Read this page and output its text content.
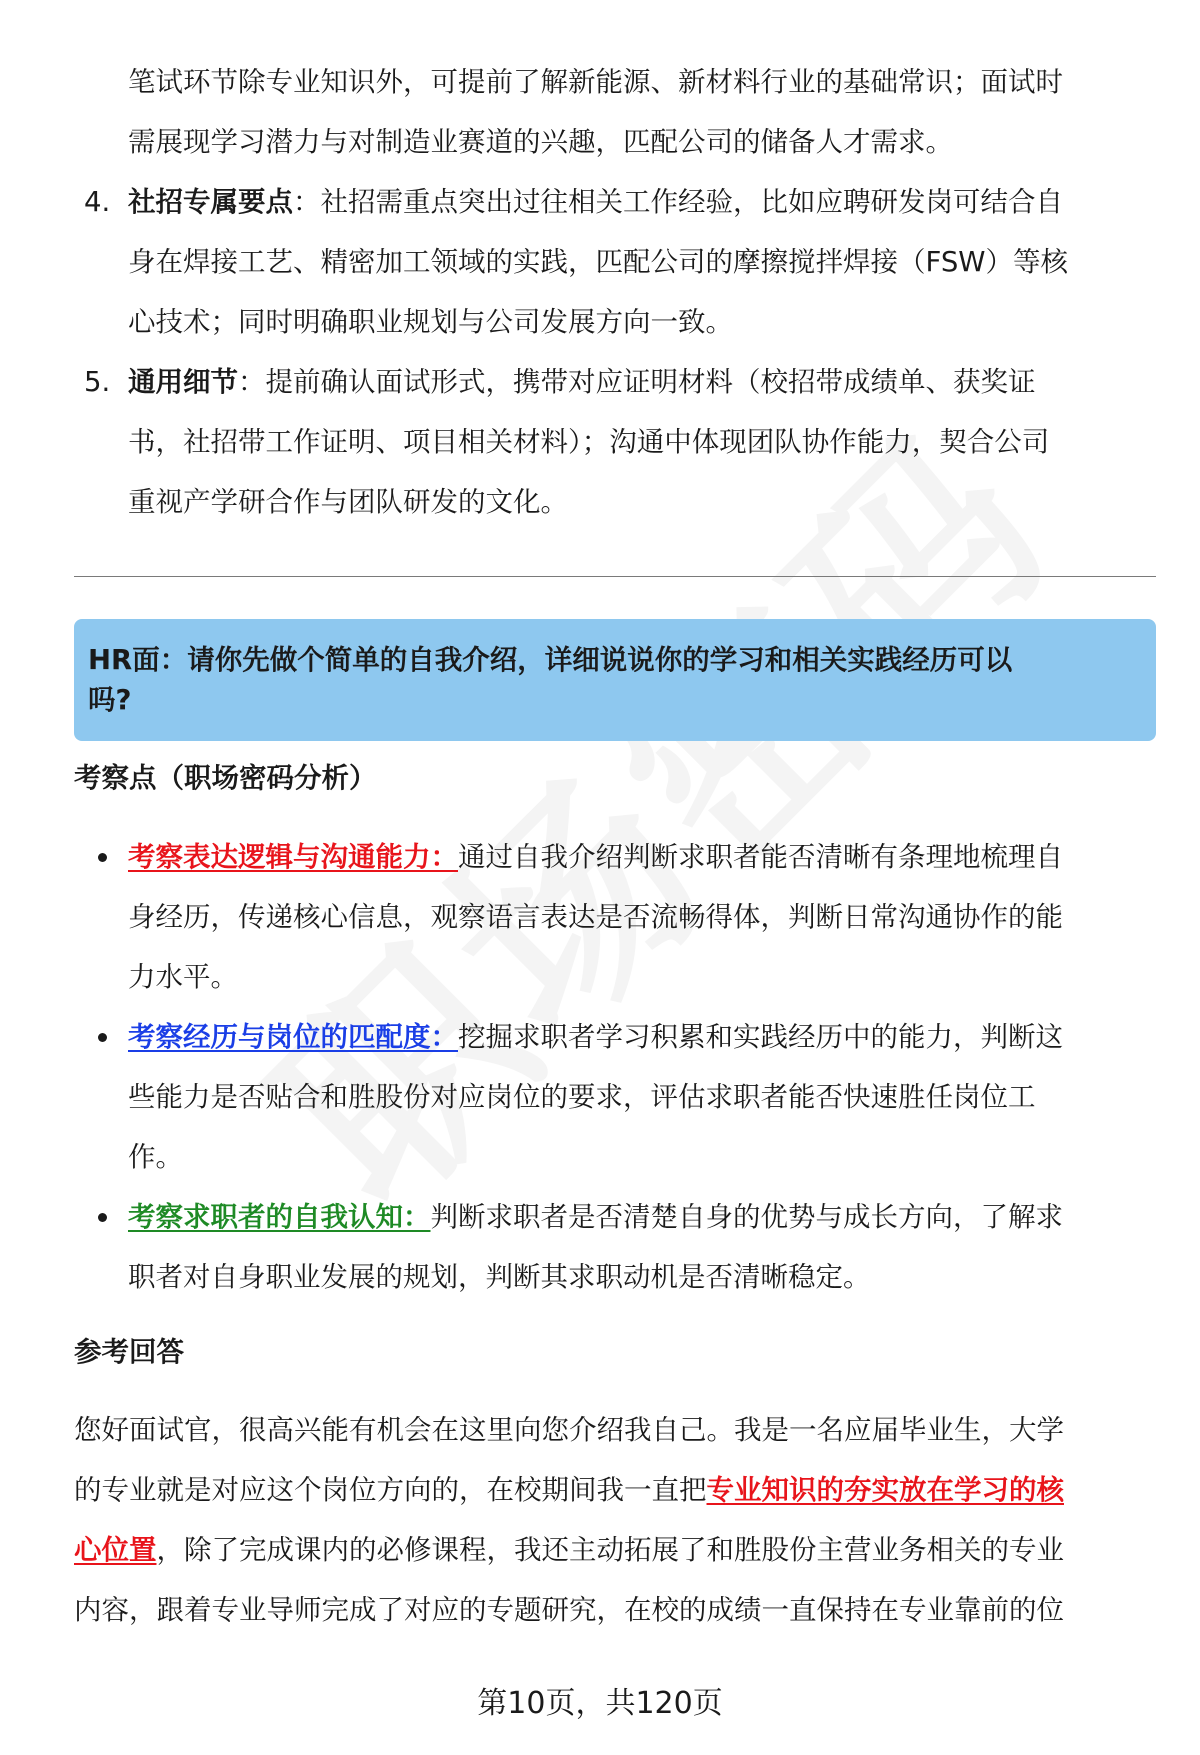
笔试环节除专业知识外，可提前了解新能源、新材料行业的基础常识；面试时
需展现学习潜力与对制造业赛道的兴趣，匹配公司的储备人才需求。
4. 社招专属要点：社招需重点突出过往相关工作经验，比如应聘研发岗可结合自
身在焊接工艺、精密加工领域的实践，匹配公司的摩擦搅拌焊接（FSW）等核
心技术；同时明确职业规划与公司发展方向一致。
5. 通用细节：提前确认面试形式，携带对应证明材料（校招带成绩单、获奖证
书，社招带工作证明、项目相关材料）；沟通中体现团队协作能力，契合公司
重视产学研合作与团队研发的文化。
HR面：请你先做个简单的自我介绍，详细说说你的学习和相关实践经历可以
吗?
考察点（职场密码分析）
考察表达逻辑与沟通能力：通过自我介绍判断求职者能否清晰有条理地梳理自
身经历，传递核心信息，观察语言表达是否流畅得体，判断日常沟通协作的能
力水平。
考察经历与岗位的匹配度：挖掘求职者学习积累和实践经历中的能力，判断这
些能力是否贴合和胜股份对应岗位的要求，评估求职者能否快速胜任岗位工
作。
考察求职者的自我认知：判断求职者是否清楚自身的优势与成长方向，了解求
职者对自身职业发展的规划，判断其求职动机是否清晰稳定。
参考回答
您好面试官，很高兴能有机会在这里向您介绍我自己。我是一名应届毕业生，大学
的专业就是对应这个岗位方向的，在校期间我一直把专业知识的夯实放在学习的核
心位置，除了完成课内的必修课程，我还主动拓展了和胜股份主营业务相关的专业
内容，跟着专业导师完成了对应的专题研究，在校的成绩一直保持在专业靠前的位
第10页，共120页
